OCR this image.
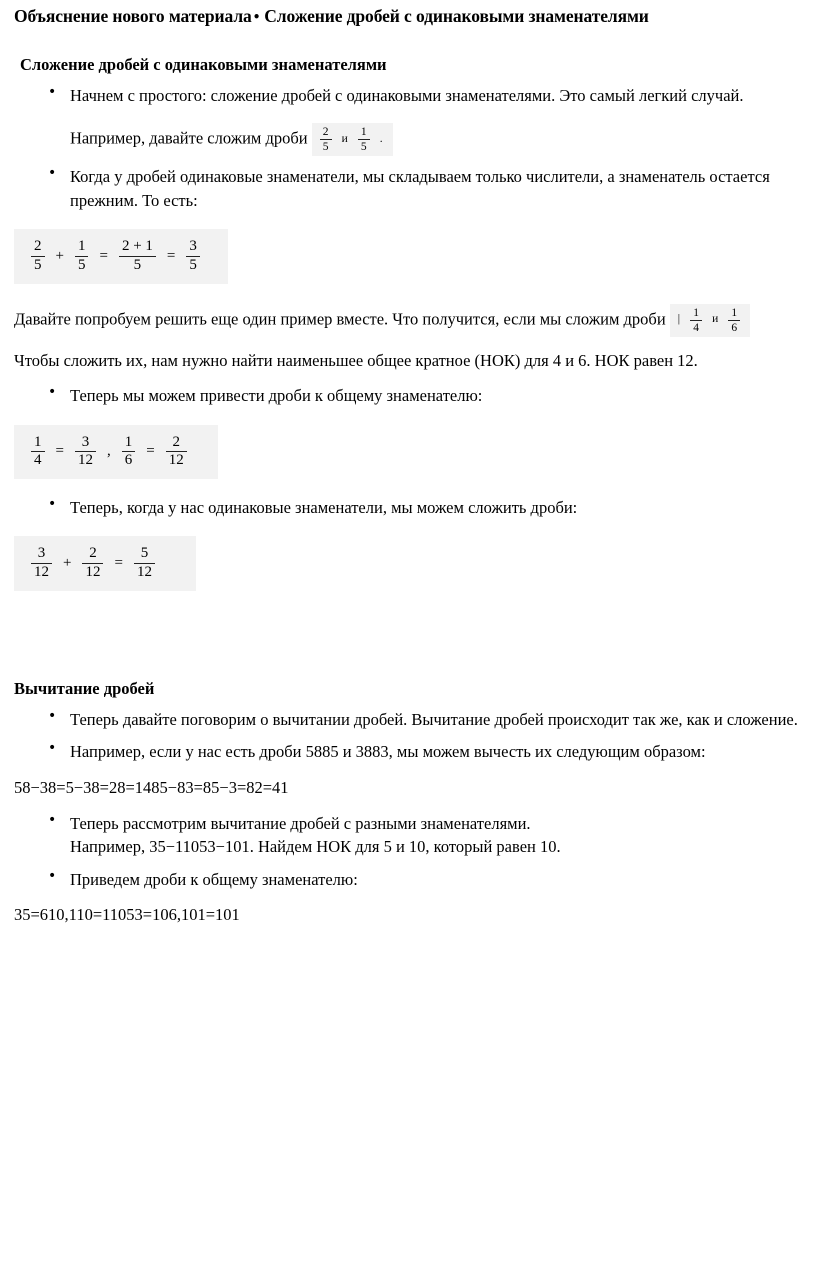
Объяснение нового материала• Сложение дробей с одинаковыми знаменателями
Сложение дробей с одинаковыми знаменателями
• Начнем с простого: сложение дробей с одинаковыми знаменателями. Это самый легкий случай.

Например, давайте сложим дроби $\frac{2}{5}$ и $\frac{1}{5}$ .

• Когда у дробей одинаковые знаменатели, мы складываем только числители, а знаменатель остается прежним. То есть:
$\frac{2}{5} + \frac{1}{5} = \frac{2 + 1}{5} = \frac{3}{5}$

Давайте попробуем решить еще один пример вместе. Что получится, если мы сложим дроби | $\frac{1}{4}$ и $\frac{1}{6}$

Чтобы сложить их, нам нужно найти наименьшее общее кратное (НОК) для 4 и 6. НОК равен 12.

• Теперь мы можем привести дроби к общему знаменателю:
$\frac{1}{4} = \frac{3}{12}$ , $\frac{1}{6} = \frac{2}{12}$
• Теперь, когда у нас одинаковые знаменатели, мы можем сложить дроби:
$\frac{3}{12} + \frac{2}{12} = \frac{5}{12}$
Вычитание дробей
• Теперь давайте поговорим о вычитании дробей. Вычитание дробей происходит так же, как и сложение.
• Например, если у нас есть дроби 5885 и 3883, мы можем вычесть их следующим образом:

58−38=5−38=28=1485−83=85−3=82=41

• Теперь рассмотрим вычитание дробей с разными знаменателями.
Например, 35−11053−101. Найдем НОК для 5 и 10, который равен 10.
• Приведем дроби к общему знаменателю:

35=610,110=11053=106,101=101
